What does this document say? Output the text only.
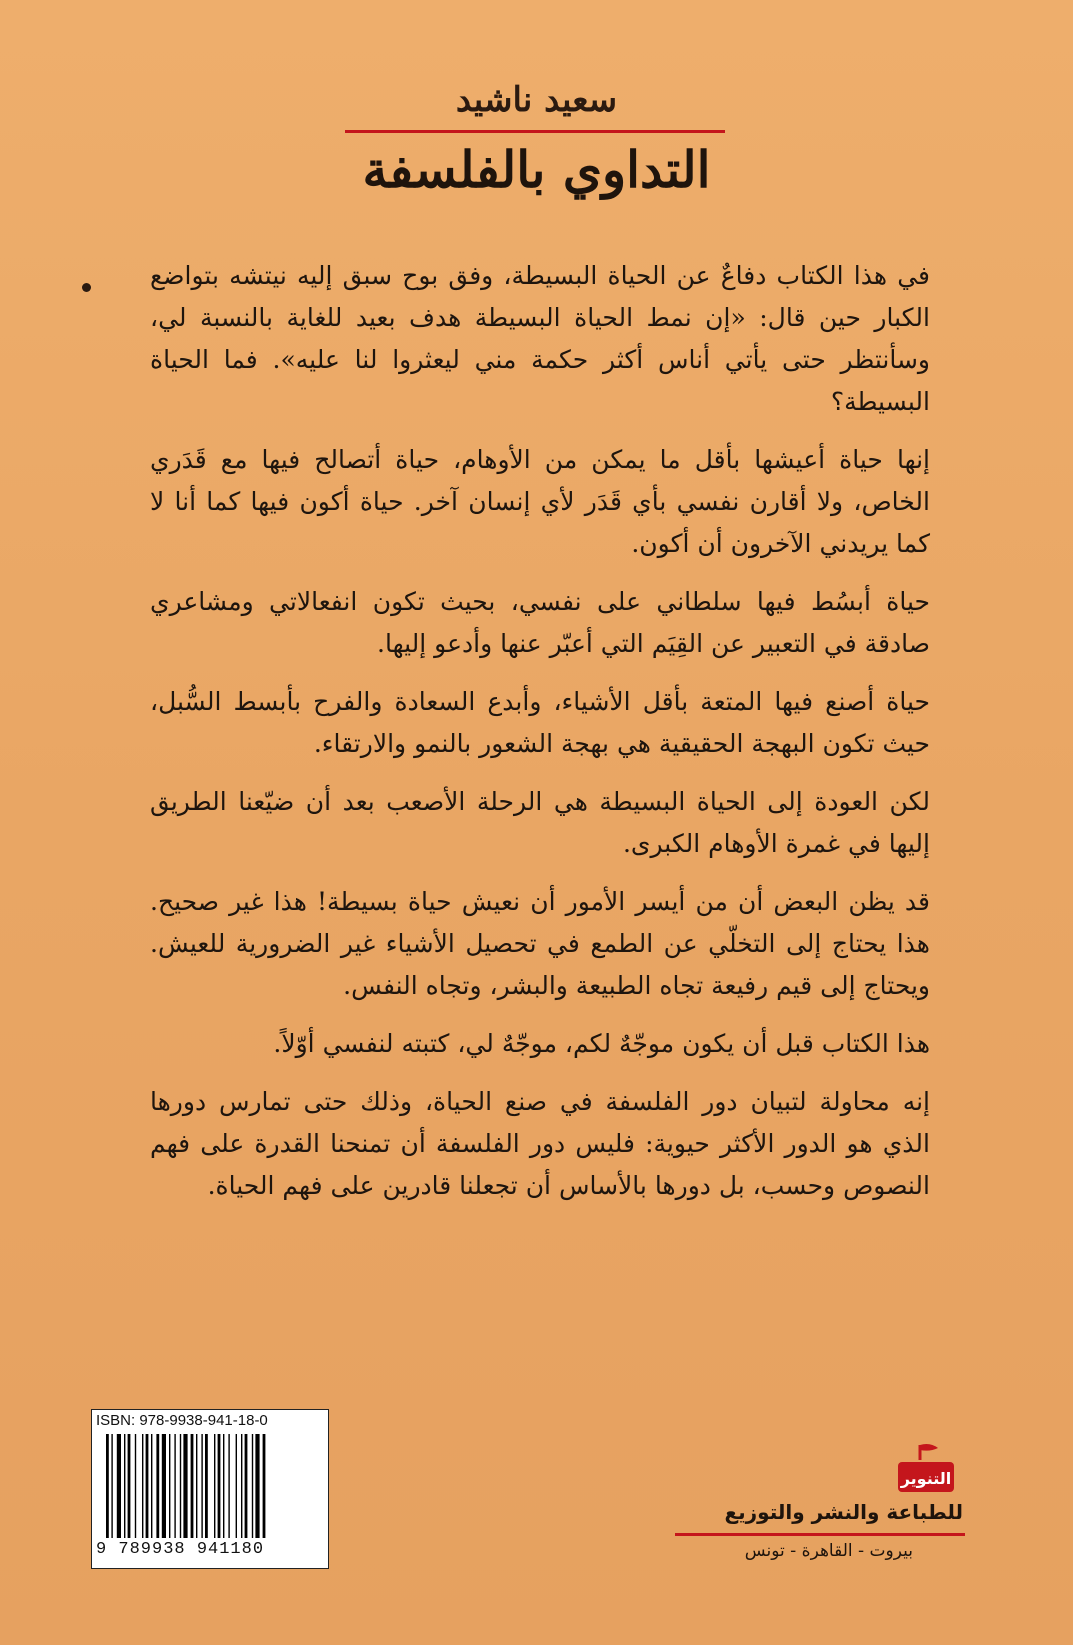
سعيد ناشيد
التداوي بالفلسفة

في هذا الكتاب دفاعٌ عن الحياة البسيطة، وفق بوح سبق إليه نيتشه بتواضع الكبار حين قال: «إن نمط الحياة البسيطة هدف بعيد للغاية بالنسبة لي، وسأنتظر حتى يأتي أناس أكثر حكمة مني ليعثروا لنا عليه». فما الحياة البسيطة؟

إنها حياة أعيشها بأقل ما يمكن من الأوهام، حياة أتصالح فيها مع قَدَري الخاص، ولا أقارن نفسي بأي قَدَر لأي إنسان آخر. حياة أكون فيها كما أنا لا كما يريدني الآخرون أن أكون.

حياة أبسُط فيها سلطاني على نفسي، بحيث تكون انفعالاتي ومشاعري صادقة في التعبير عن القِيَم التي أعبّر عنها وأدعو إليها.

حياة أصنع فيها المتعة بأقل الأشياء، وأبدع السعادة والفرح بأبسط السُّبل، حيث تكون البهجة الحقيقية هي بهجة الشعور بالنمو والارتقاء.

لكن العودة إلى الحياة البسيطة هي الرحلة الأصعب بعد أن ضيّعنا الطريق إليها في غمرة الأوهام الكبرى.

قد يظن البعض أن من أيسر الأمور أن نعيش حياة بسيطة! هذا غير صحيح. هذا يحتاج إلى التخلّي عن الطمع في تحصيل الأشياء غير الضرورية للعيش. ويحتاج إلى قيم رفيعة تجاه الطبيعة والبشر، وتجاه النفس.

هذا الكتاب قبل أن يكون موجّهٌ لكم، موجّهٌ لي، كتبته لنفسي أوّلاً.

إنه محاولة لتبيان دور الفلسفة في صنع الحياة، وذلك حتى تمارس دورها الذي هو الدور الأكثر حيوية: فليس دور الفلسفة أن تمنحنا القدرة على فهم النصوص وحسب، بل دورها بالأساس أن تجعلنا قادرين على فهم الحياة.

ISBN: 978-9938-941-18-0
9 789938 941180
التنوير
للطباعة والنشر والتوزيع
بيروت - القاهرة - تونس
